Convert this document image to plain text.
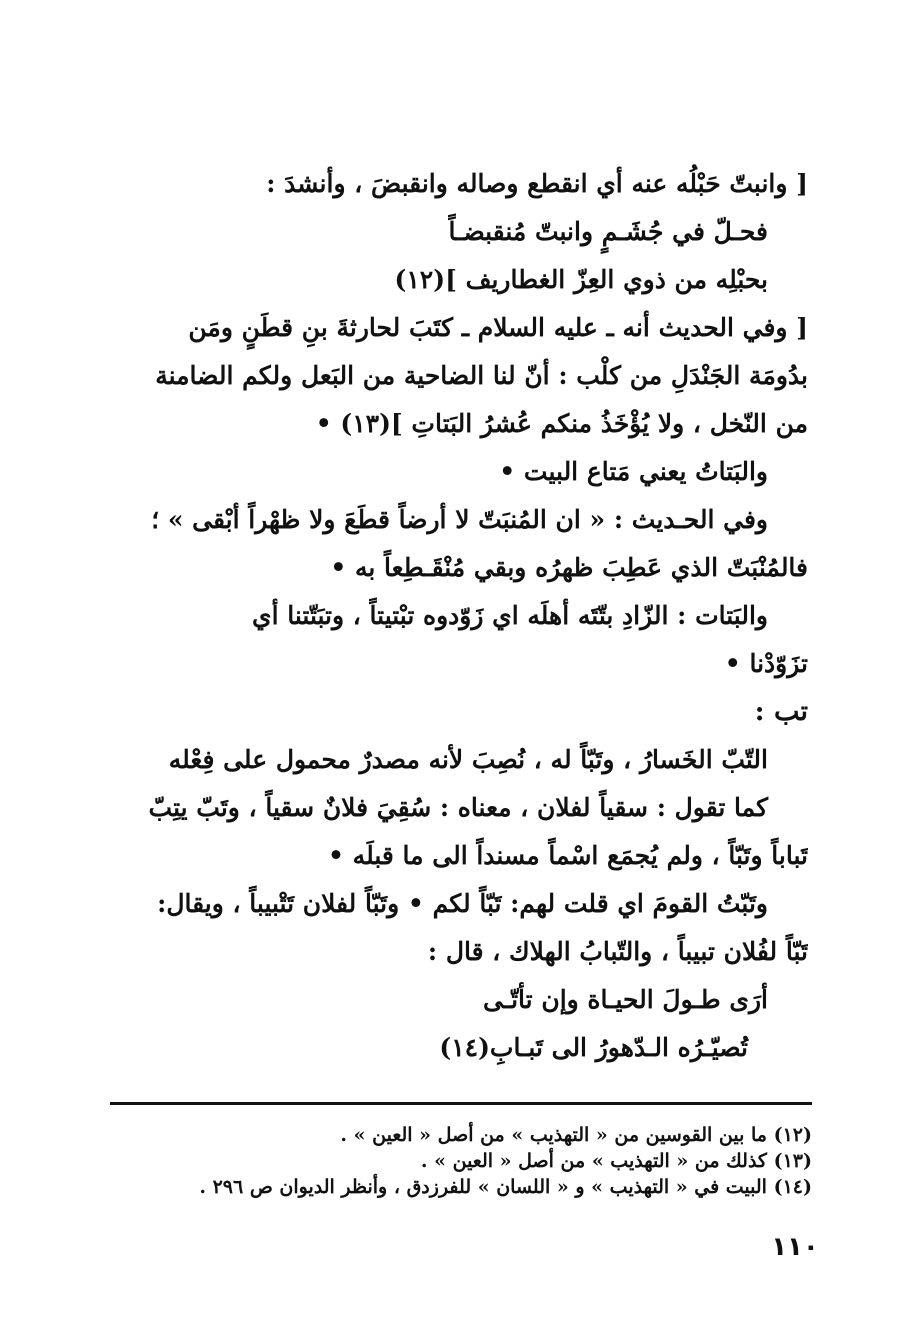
[ وانبتّ حَبْلُه عنه أي انقطع وصاله وانقبضَ ، وأنشدَ :
فحـلّ في جُشَـمٍ وانبتّ مُنقبضـاً
بحبْلِه من ذوي العِزّ الغطاريف ](١٢)
[ وفي الحديث أنه ـ عليه السلام ـ كتَبَ لحارثةَ بنِ قطَنٍ ومَن
بدُومَة الجَنْدَلِ من كلْب : أنّ لنا الضاحية من البَعل ولكم الضامنة
من النّخل ، ولا يُؤْخَذُ منكم عُشرُ البَتاتِ ](١٣) •
والبَتاتُ يعني مَتاع البيت •
وفي الحـديث : « ان المُنبَتّ لا أرضاً قطَعَ ولا ظهْراً أبْقى » ؛
فالمُنْبَتّ الذي عَطِبَ ظهرُه وبقي مُنْقَـطِعاً به •
والبَتات : الزّادِ بتّتَه أهلَه اي زَوّدوه تبْتيتاً ، وتبَتّتنا أي
تزَوّدْنا •
تب :
التّبّ الخَسارُ ، وتَبّاً له ، نُصِبَ لأنه مصدرٌ محمول على فِعْله
كما تقول : سقياً لفلان ، معناه : سُقِيَ فلانٌ سقياً ، وتَبّ يتِبّ
تَباباً وتَبّاً ، ولم يُجمَع اسْماً مسنداً الى ما قبلَه •
وتَبّتُ القومَ اي قلت لهم: تَبّاً لكم • وتَبّاً لفلان تَتْبيباً ، ويقال:
تَبّاً لفُلان تبيباً ، والتّبابُ الهلاك ، قال :
أرَى طـولَ الحيـاة وإن تأتّـى
تُصيّـرُه الـدّهورُ الى تَبـابِ(١٤)
(١٢) ما بين القوسين من « التهذيب » من أصل « العين » .
(١٣) كذلك من « التهذيب » من أصل « العين » .
(١٤) البيت في « التهذيب » و « اللسان » للفرزدق ، وأنظر الديوان ص ٢٩٦ .
١١٠
